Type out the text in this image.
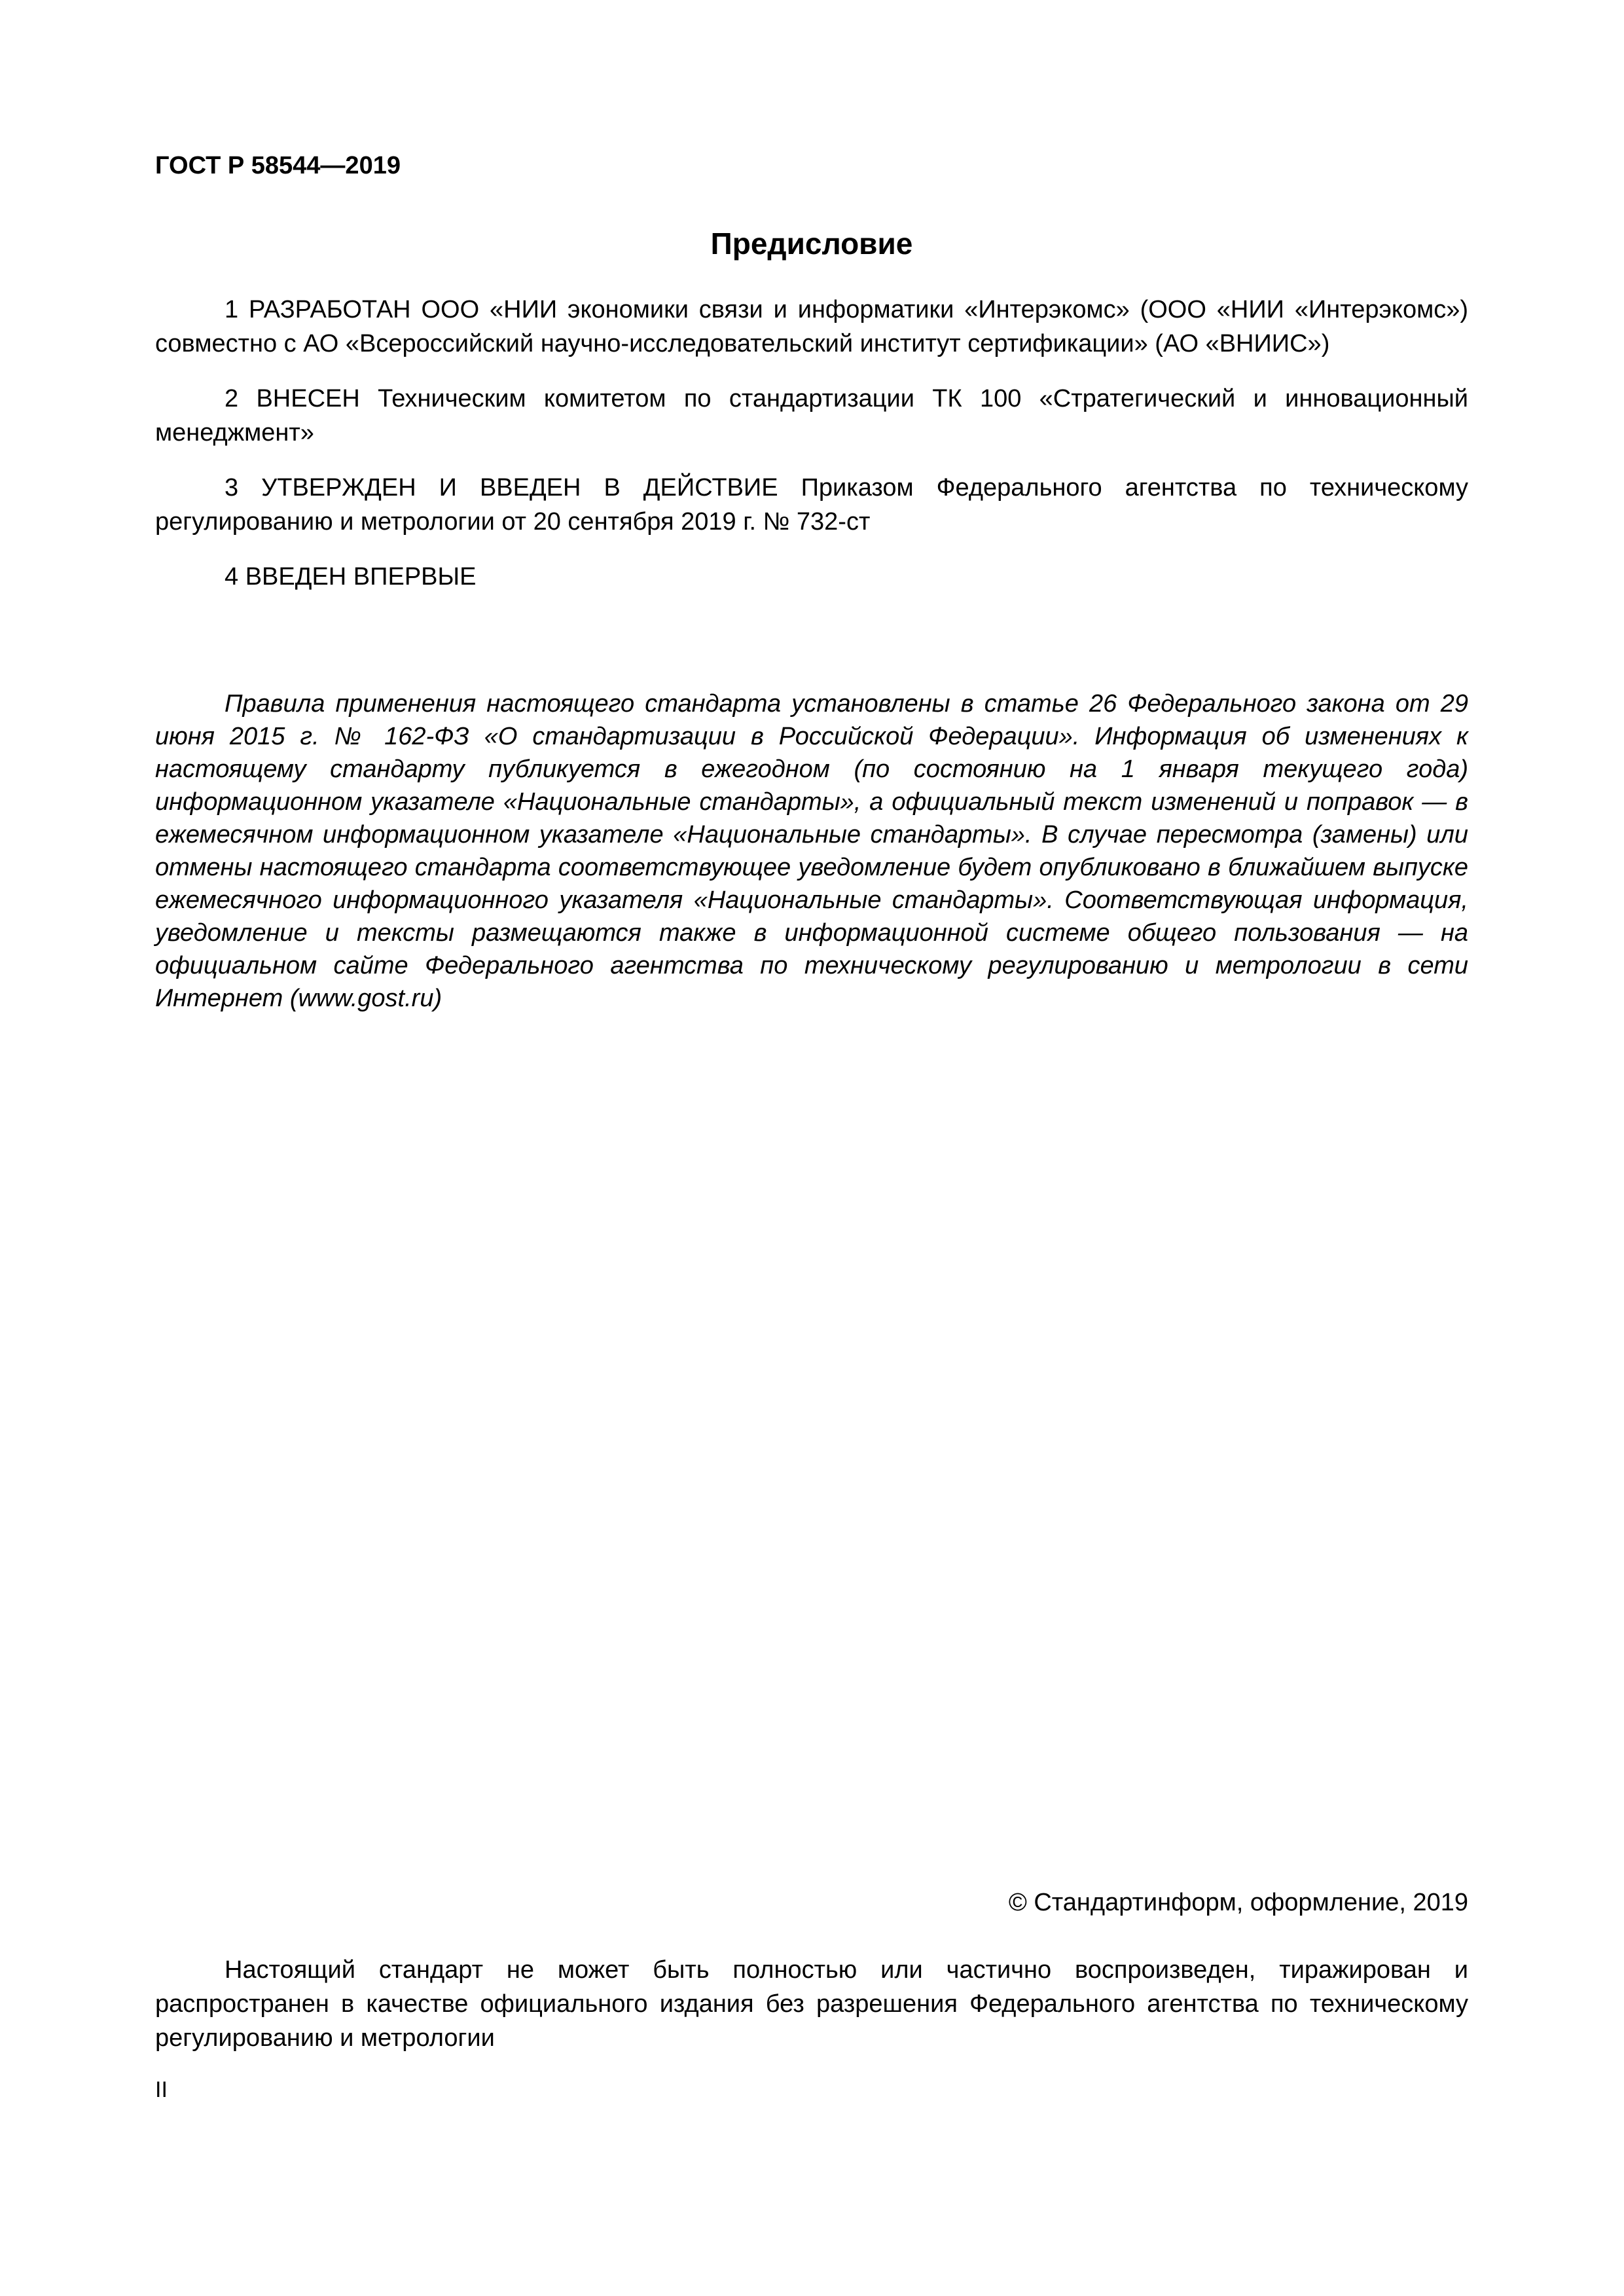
ГОСТ Р 58544—2019
Предисловие

1 РАЗРАБОТАН ООО «НИИ экономики связи и информатики «Интерэкомс» (ООО «НИИ «Интерэкомс») совместно с АО «Всероссийский научно-исследовательский институт сертификации» (АО «ВНИИС»)

2 ВНЕСЕН Техническим комитетом по стандартизации ТК 100 «Стратегический и инновационный менеджмент»

3 УТВЕРЖДЕН И ВВЕДЕН В ДЕЙСТВИЕ Приказом Федерального агентства по техническому регулированию и метрологии от 20 сентября 2019 г. № 732-ст

4 ВВЕДЕН ВПЕРВЫЕ

Правила применения настоящего стандарта установлены в статье 26 Федерального закона от 29 июня 2015 г. № 162-ФЗ «О стандартизации в Российской Федерации». Информация об изменениях к настоящему стандарту публикуется в ежегодном (по состоянию на 1 января текущего года) информационном указателе «Национальные стандарты», а официальный текст изменений и поправок — в ежемесячном информационном указателе «Национальные стандарты». В случае пересмотра (замены) или отмены настоящего стандарта соответствующее уведомление будет опубликовано в ближайшем выпуске ежемесячного информационного указателя «Национальные стандарты». Соответствующая информация, уведомление и тексты размещаются также в информационной системе общего пользования — на официальном сайте Федерального агентства по техническому регулированию и метрологии в сети Интернет (www.gost.ru)

© Стандартинформ, оформление, 2019

Настоящий стандарт не может быть полностью или частично воспроизведен, тиражирован и распространен в качестве официального издания без разрешения Федерального агентства по техническому регулированию и метрологии

II
